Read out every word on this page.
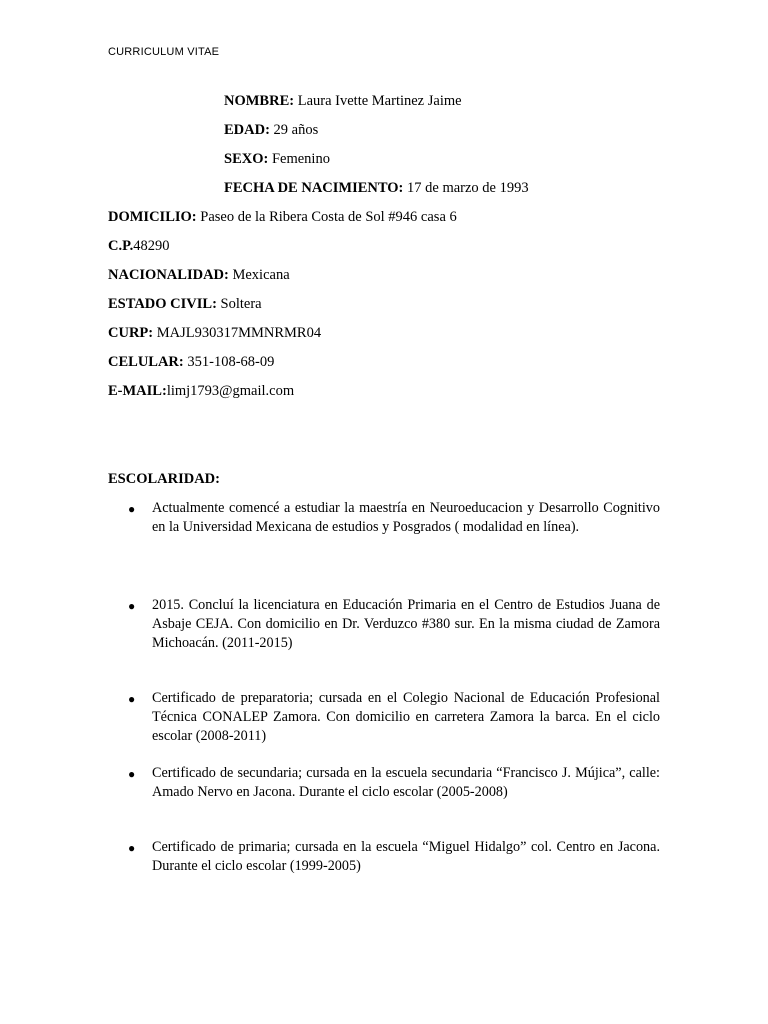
CURRICULUM VITAE
NOMBRE: Laura Ivette Martinez Jaime
EDAD: 29 años
SEXO: Femenino
FECHA DE NACIMIENTO: 17 de marzo de 1993
DOMICILIO: Paseo de la Ribera Costa de Sol #946 casa 6
C.P.48290
NACIONALIDAD: Mexicana
ESTADO CIVIL: Soltera
CURP: MAJL930317MMNRMR04
CELULAR: 351-108-68-09
E-MAIL:limj1793@gmail.com
ESCOLARIDAD:
● Actualmente comencé a estudiar la maestría en Neuroeducacion y Desarrollo Cognitivo en la Universidad Mexicana de estudios y Posgrados ( modalidad en línea).
● 2015. Concluí la licenciatura en Educación Primaria en el Centro de Estudios Juana de Asbaje CEJA. Con domicilio en Dr. Verduzco #380 sur. En la misma ciudad de Zamora Michoacán. (2011-2015)
● Certificado de preparatoria; cursada en el Colegio Nacional de Educación Profesional Técnica CONALEP Zamora. Con domicilio en carretera Zamora la barca. En el ciclo escolar (2008-2011)
● Certificado de secundaria; cursada en la escuela secundaria “Francisco J. Mújica”, calle: Amado Nervo en Jacona. Durante el ciclo escolar (2005-2008)
● Certificado de primaria; cursada en la escuela “Miguel Hidalgo” col. Centro en Jacona. Durante el ciclo escolar (1999-2005)
